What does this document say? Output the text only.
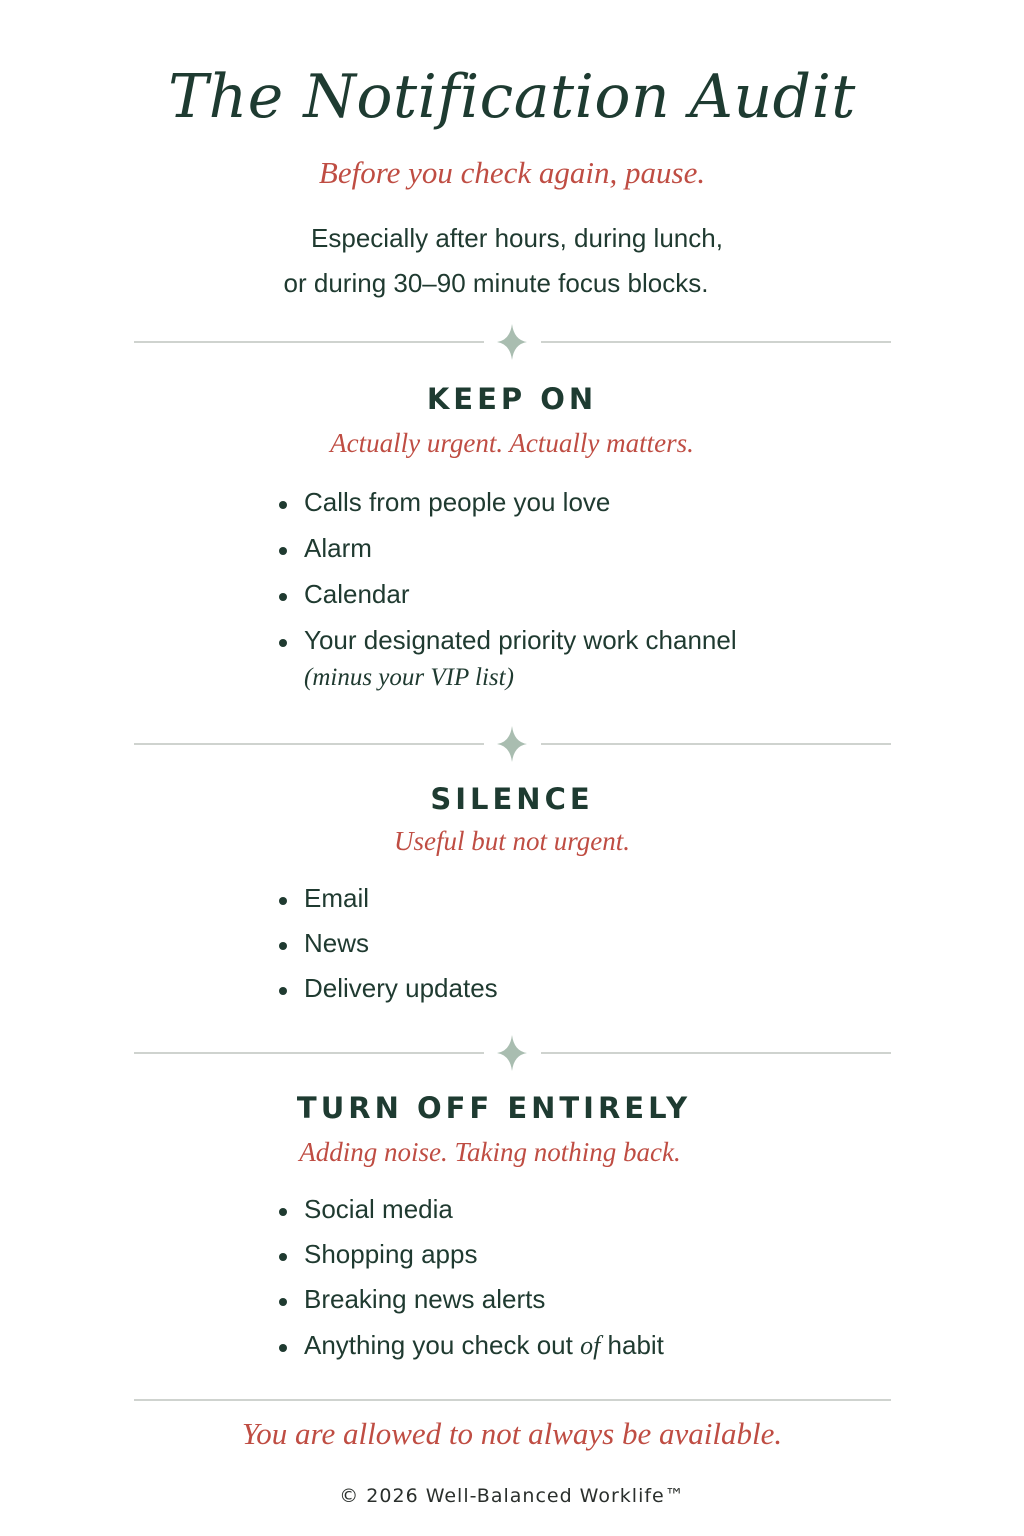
The Notification Audit
Before you check again, pause.
Especially after hours, during lunch,
or during 30–90 minute focus blocks.
KEEP ON
Actually urgent. Actually matters.
Calls from people you love
Alarm
Calendar
Your designated priority work channel
(minus your VIP list)
SILENCE
Useful but not urgent.
Email
News
Delivery updates
TURN OFF ENTIRELY
Adding noise. Taking nothing back.
Social media
Shopping apps
Breaking news alerts
Anything you check out of habit
You are allowed to not always be available.
© 2026 Well-Balanced Worklife™
